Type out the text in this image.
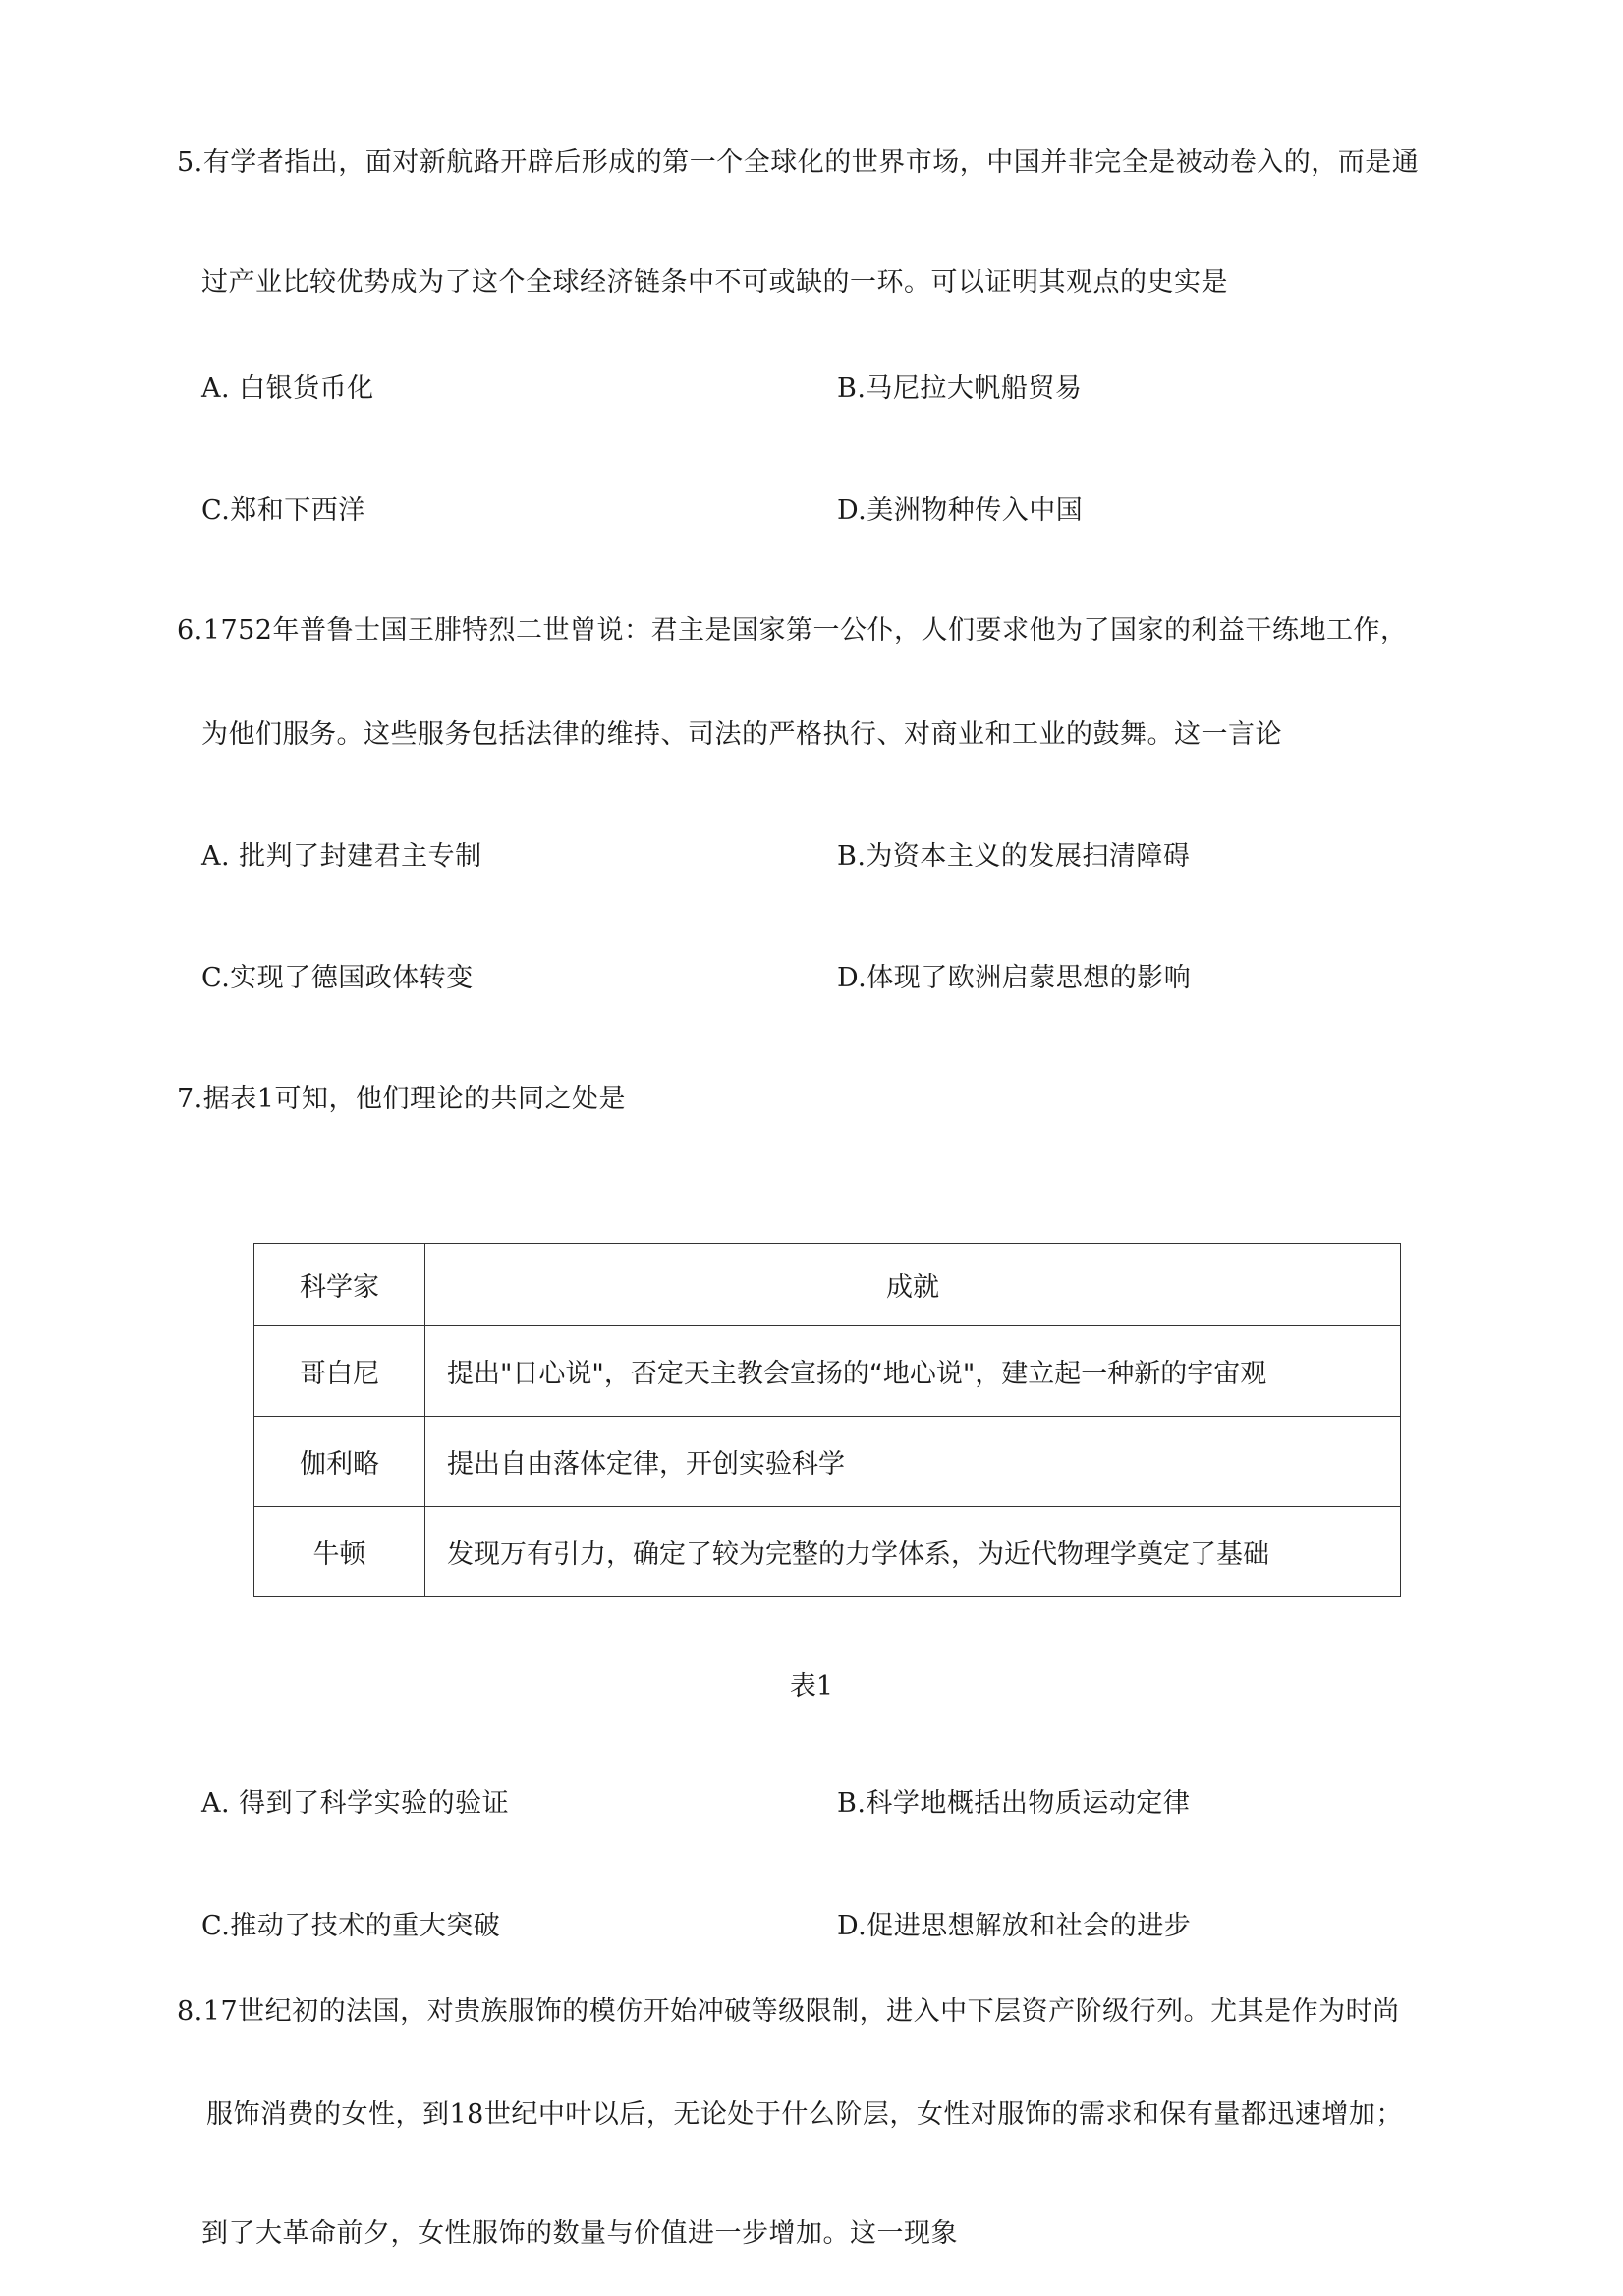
5.有学者指出，面对新航路开辟后形成的第一个全球化的世界市场，中国并非完全是被动卷入的，而是通
过产业比较优势成为了这个全球经济链条中不可或缺的一环。可以证明其观点的史实是
A. 白银货币化	B.马尼拉大帆船贸易
C.郑和下西洋	D.美洲物种传入中国
6.1752年普鲁士国王腓特烈二世曾说：君主是国家第一公仆，人们要求他为了国家的利益干练地工作，
为他们服务。这些服务包括法律的维持、司法的严格执行、对商业和工业的鼓舞。这一言论
A. 批判了封建君主专制	B.为资本主义的发展扫清障碍
C.实现了德国政体转变	D.体现了欧洲启蒙思想的影响
7.据表1可知，他们理论的共同之处是
科学家	成就
哥白尼	提出"日心说"，否定天主教会宣扬的“地心说"，建立起一种新的宇宙观
伽利略	提出自由落体定律，开创实验科学
牛顿	发现万有引力，确定了较为完整的力学体系，为近代物理学奠定了基础
表1
A. 得到了科学实验的验证	B.科学地概括出物质运动定律
C.推动了技术的重大突破	D.促进思想解放和社会的进步
8.17世纪初的法国，对贵族服饰的模仿开始冲破等级限制，进入中下层资产阶级行列。尤其是作为时尚
服饰消费的女性，到18世纪中叶以后，无论处于什么阶层，女性对服饰的需求和保有量都迅速增加；
到了大革命前夕，女性服饰的数量与价值进一步增加。这一现象
